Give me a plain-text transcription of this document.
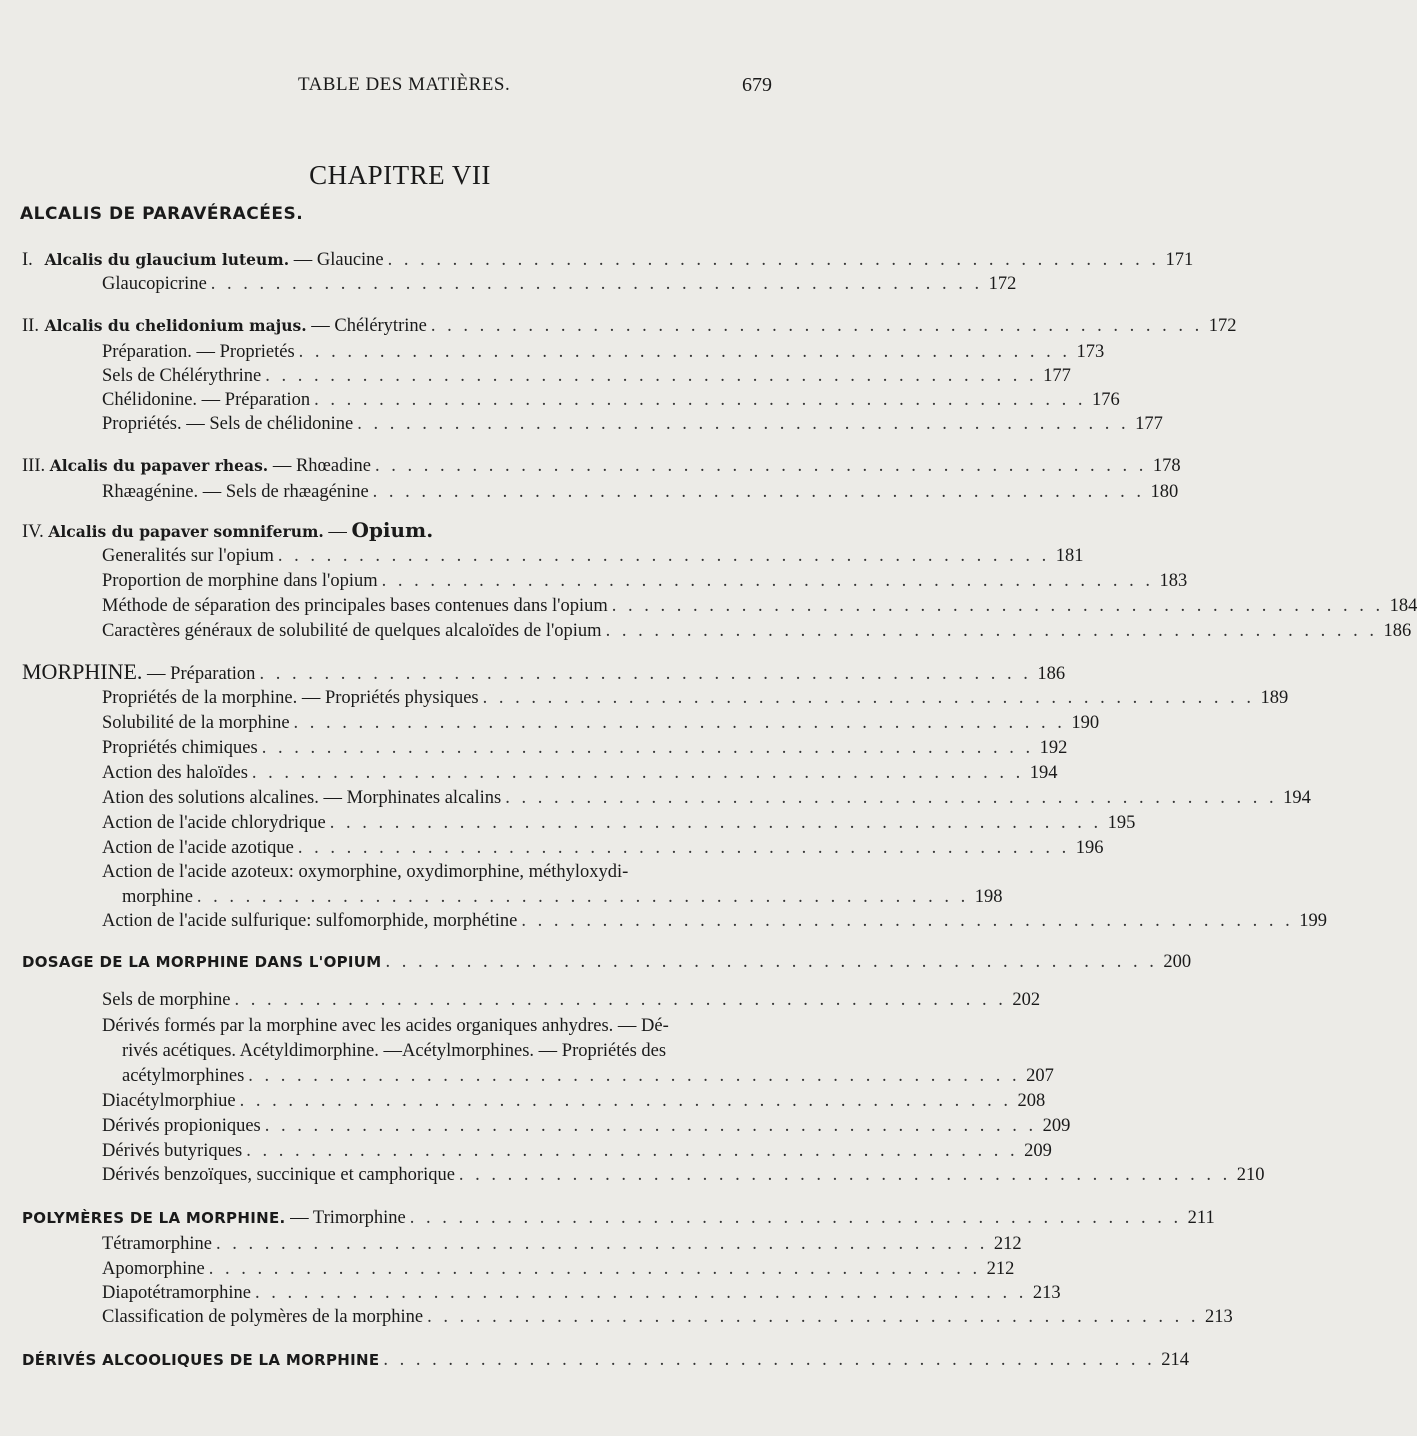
TABLE DES MATIÈRES.	679
CHAPITRE VII
ALCALIS DE PARAVÉRACÉES.
I. Alcalis du glaucium luteum. — Glaucine . . . . . . . . . . . . . . . . . . . . . . . . . . . . . . . . . . . . . . . . . . . . . . . . 171
Glaucopicrine . . . . . . . . . . . . . . . . . . . . . . . . . . . . . . . . . . . . . . . . . . . . . . . . 172
II. Alcalis du chelidonium majus. — Chélérytrine . . . . . . . . . . . . . . . . . . . . . . . . . . . . . . . . . . . . . . . . . . . . . . . . 172
Préparation. — Proprietés . . . . . . . . . . . . . . . . . . . . . . . . . . . . . . . . . . . . . . . . . . . . . . . . 173
Sels de Chélérythrine . . . . . . . . . . . . . . . . . . . . . . . . . . . . . . . . . . . . . . . . . . . . . . . . 177
Chélidonine. — Préparation . . . . . . . . . . . . . . . . . . . . . . . . . . . . . . . . . . . . . . . . . . . . . . . . 176
Propriétés. — Sels de chélidonine . . . . . . . . . . . . . . . . . . . . . . . . . . . . . . . . . . . . . . . . . . . . . . . . 177
III. Alcalis du papaver rheas. — Rhœadine . . . . . . . . . . . . . . . . . . . . . . . . . . . . . . . . . . . . . . . . . . . . . . . . 178
Rhæagénine. — Sels de rhæagénine . . . . . . . . . . . . . . . . . . . . . . . . . . . . . . . . . . . . . . . . . . . . . . . . 180
IV. Alcalis du papaver somniferum. — Opium.
Generalités sur l'opium . . . . . . . . . . . . . . . . . . . . . . . . . . . . . . . . . . . . . . . . . . . . . . . . 181
Proportion de morphine dans l'opium . . . . . . . . . . . . . . . . . . . . . . . . . . . . . . . . . . . . . . . . . . . . . . . . 183
Méthode de séparation des principales bases contenues dans l'opium . . . . . . . . . . . . . . . . . . . . . . . . . . . . . . . . . . . . . . . . . . . . . . . . 184
Caractères généraux de solubilité de quelques alcaloïdes de l'opium . . . . . . . . . . . . . . . . . . . . . . . . . . . . . . . . . . . . . . . . . . . . . . . . 186
MORPHINE. — Préparation . . . . . . . . . . . . . . . . . . . . . . . . . . . . . . . . . . . . . . . . . . . . . . . . 186
Propriétés de la morphine. — Propriétés physiques . . . . . . . . . . . . . . . . . . . . . . . . . . . . . . . . . . . . . . . . . . . . . . . . 189
Solubilité de la morphine . . . . . . . . . . . . . . . . . . . . . . . . . . . . . . . . . . . . . . . . . . . . . . . . 190
Propriétés chimiques . . . . . . . . . . . . . . . . . . . . . . . . . . . . . . . . . . . . . . . . . . . . . . . . 192
Action des haloïdes . . . . . . . . . . . . . . . . . . . . . . . . . . . . . . . . . . . . . . . . . . . . . . . . 194
Ation des solutions alcalines. — Morphinates alcalins . . . . . . . . . . . . . . . . . . . . . . . . . . . . . . . . . . . . . . . . . . . . . . . . 194
Action de l'acide chlorydrique . . . . . . . . . . . . . . . . . . . . . . . . . . . . . . . . . . . . . . . . . . . . . . . . 195
Action de l'acide azotique . . . . . . . . . . . . . . . . . . . . . . . . . . . . . . . . . . . . . . . . . . . . . . . . 196
Action de l'acide azoteux: oxymorphine, oxydimorphine, méthyloxydi-
morphine . . . . . . . . . . . . . . . . . . . . . . . . . . . . . . . . . . . . . . . . . . . . . . . . 198
Action de l'acide sulfurique: sulfomorphide, morphétine . . . . . . . . . . . . . . . . . . . . . . . . . . . . . . . . . . . . . . . . . . . . . . . . 199
DOSAGE DE LA MORPHINE DANS L'OPIUM . . . . . . . . . . . . . . . . . . . . . . . . . . . . . . . . . . . . . . . . . . . . . . . . 200
Sels de morphine . . . . . . . . . . . . . . . . . . . . . . . . . . . . . . . . . . . . . . . . . . . . . . . . 202
Dérivés formés par la morphine avec les acides organiques anhydres. — Dé-
rivés acétiques. Acétyldimorphine. —Acétylmorphines. — Propriétés des
acétylmorphines . . . . . . . . . . . . . . . . . . . . . . . . . . . . . . . . . . . . . . . . . . . . . . . . 207
Diacétylmorphiue . . . . . . . . . . . . . . . . . . . . . . . . . . . . . . . . . . . . . . . . . . . . . . . . 208
Dérivés propioniques . . . . . . . . . . . . . . . . . . . . . . . . . . . . . . . . . . . . . . . . . . . . . . . . 209
Dérivés butyriques . . . . . . . . . . . . . . . . . . . . . . . . . . . . . . . . . . . . . . . . . . . . . . . . 209
Dérivés benzoïques, succinique et camphorique . . . . . . . . . . . . . . . . . . . . . . . . . . . . . . . . . . . . . . . . . . . . . . . . 210
POLYMÈRES DE LA MORPHINE. — Trimorphine . . . . . . . . . . . . . . . . . . . . . . . . . . . . . . . . . . . . . . . . . . . . . . . . 211
Tétramorphine . . . . . . . . . . . . . . . . . . . . . . . . . . . . . . . . . . . . . . . . . . . . . . . . 212
Apomorphine . . . . . . . . . . . . . . . . . . . . . . . . . . . . . . . . . . . . . . . . . . . . . . . . 212
Diapotétramorphine . . . . . . . . . . . . . . . . . . . . . . . . . . . . . . . . . . . . . . . . . . . . . . . . 213
Classification de polymères de la morphine . . . . . . . . . . . . . . . . . . . . . . . . . . . . . . . . . . . . . . . . . . . . . . . . 213
DÉRIVÉS ALCOOLIQUES DE LA MORPHINE . . . . . . . . . . . . . . . . . . . . . . . . . . . . . . . . . . . . . . . . . . . . . . . . 214
